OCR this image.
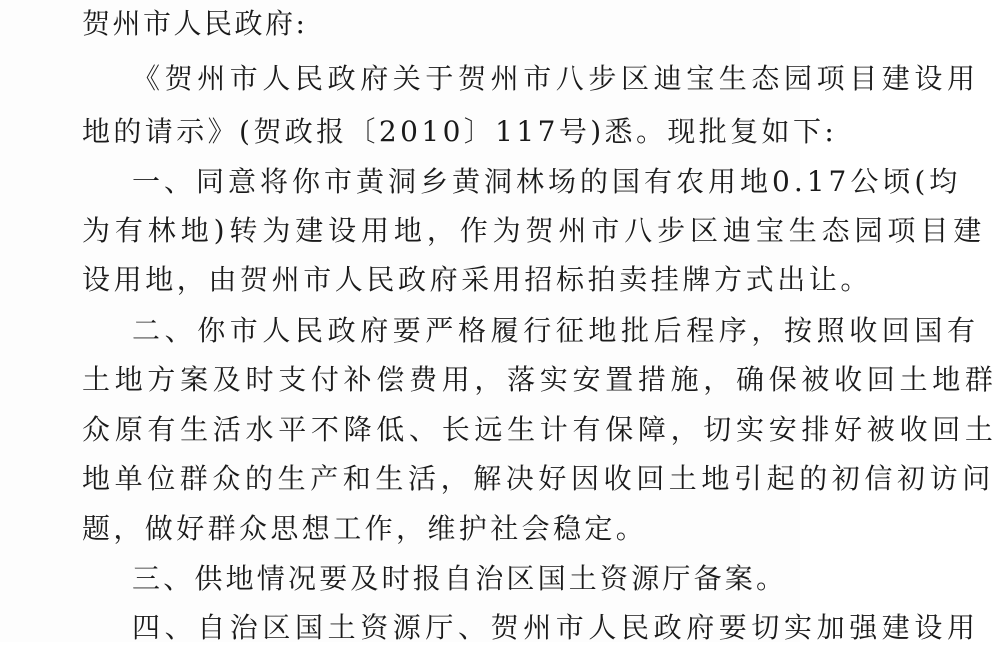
贺州市人民政府:
《贺州市人民政府关于贺州市八步区迪宝生态园项目建设用
地的请示》(贺政报〔2010〕117号)悉。现批复如下:
一、同意将你市黄洞乡黄洞林场的国有农用地0.17公顷(均
为有林地)转为建设用地，作为贺州市八步区迪宝生态园项目建
设用地，由贺州市人民政府采用招标拍卖挂牌方式出让。
二、你市人民政府要严格履行征地批后程序，按照收回国有
土地方案及时支付补偿费用，落实安置措施，确保被收回土地群
众原有生活水平不降低、长远生计有保障，切实安排好被收回土
地单位群众的生产和生活，解决好因收回土地引起的初信初访问
题，做好群众思想工作，维护社会稳定。
三、供地情况要及时报自治区国土资源厅备案。
四、自治区国土资源厅、贺州市人民政府要切实加强建设用
